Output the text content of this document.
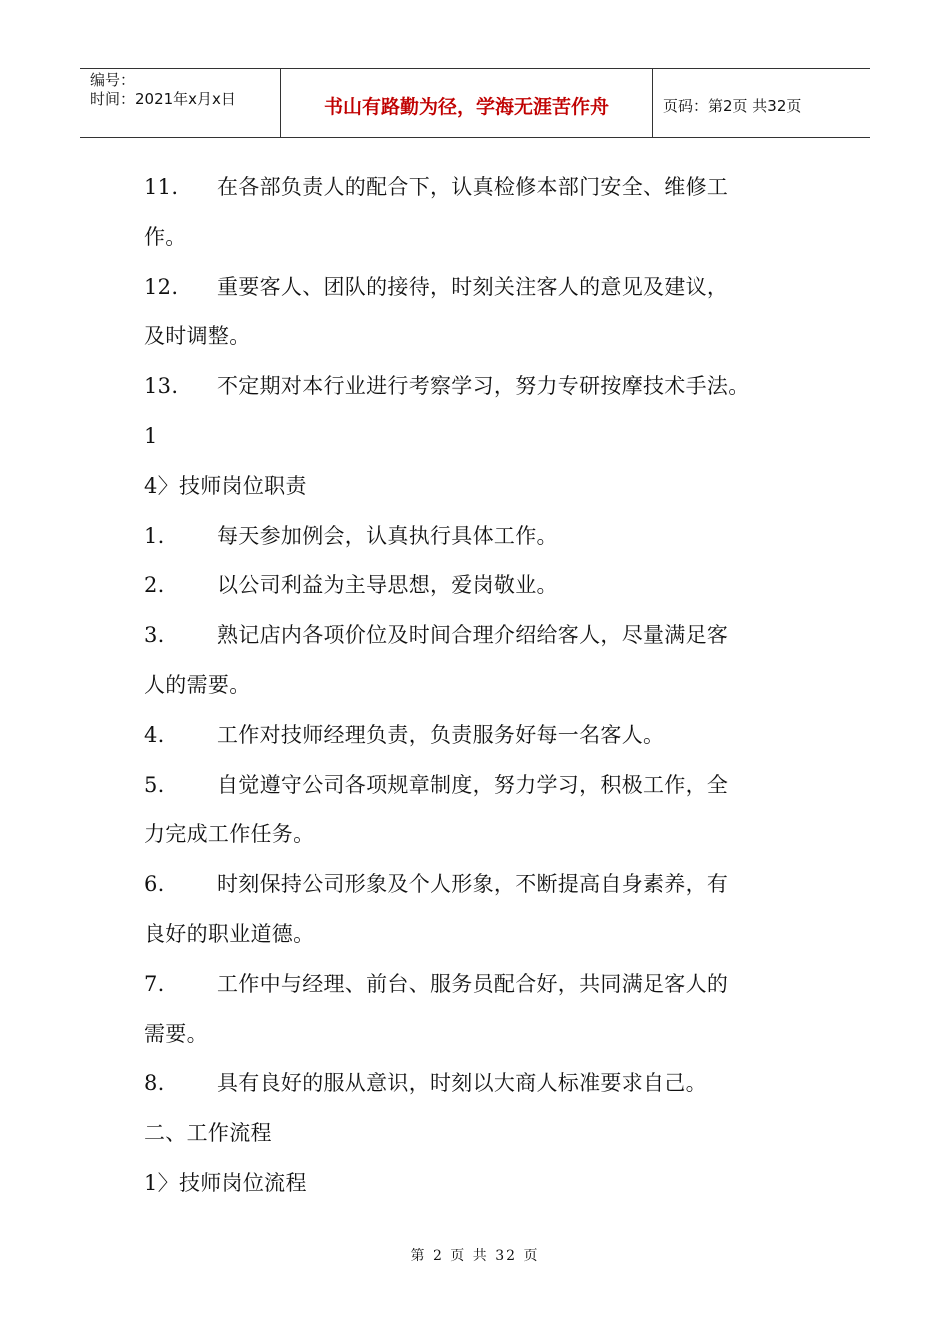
编号：
时间：2021年x月x日	书山有路勤为径，学海无涯苦作舟	页码：第2页 共32页

11. 在各部负责人的配合下，认真检修本部门安全、维修工

作。

12. 重要客人、团队的接待，时刻关注客人的意见及建议，

及时调整。

13. 不定期对本行业进行考察学习，努力专研按摩技术手法。

1

4〉技师岗位职责

1. 每天参加例会，认真执行具体工作。

2. 以公司利益为主导思想，爱岗敬业。

3. 熟记店内各项价位及时间合理介绍给客人，尽量满足客

人的需要。

4. 工作对技师经理负责，负责服务好每一名客人。

5. 自觉遵守公司各项规章制度，努力学习，积极工作，全

力完成工作任务。

6. 时刻保持公司形象及个人形象，不断提高自身素养，有

良好的职业道德。

7. 工作中与经理、前台、服务员配合好，共同满足客人的

需要。

8. 具有良好的服从意识，时刻以大商人标准要求自己。

二、工作流程

1〉技师岗位流程

第 2 页 共 32 页
